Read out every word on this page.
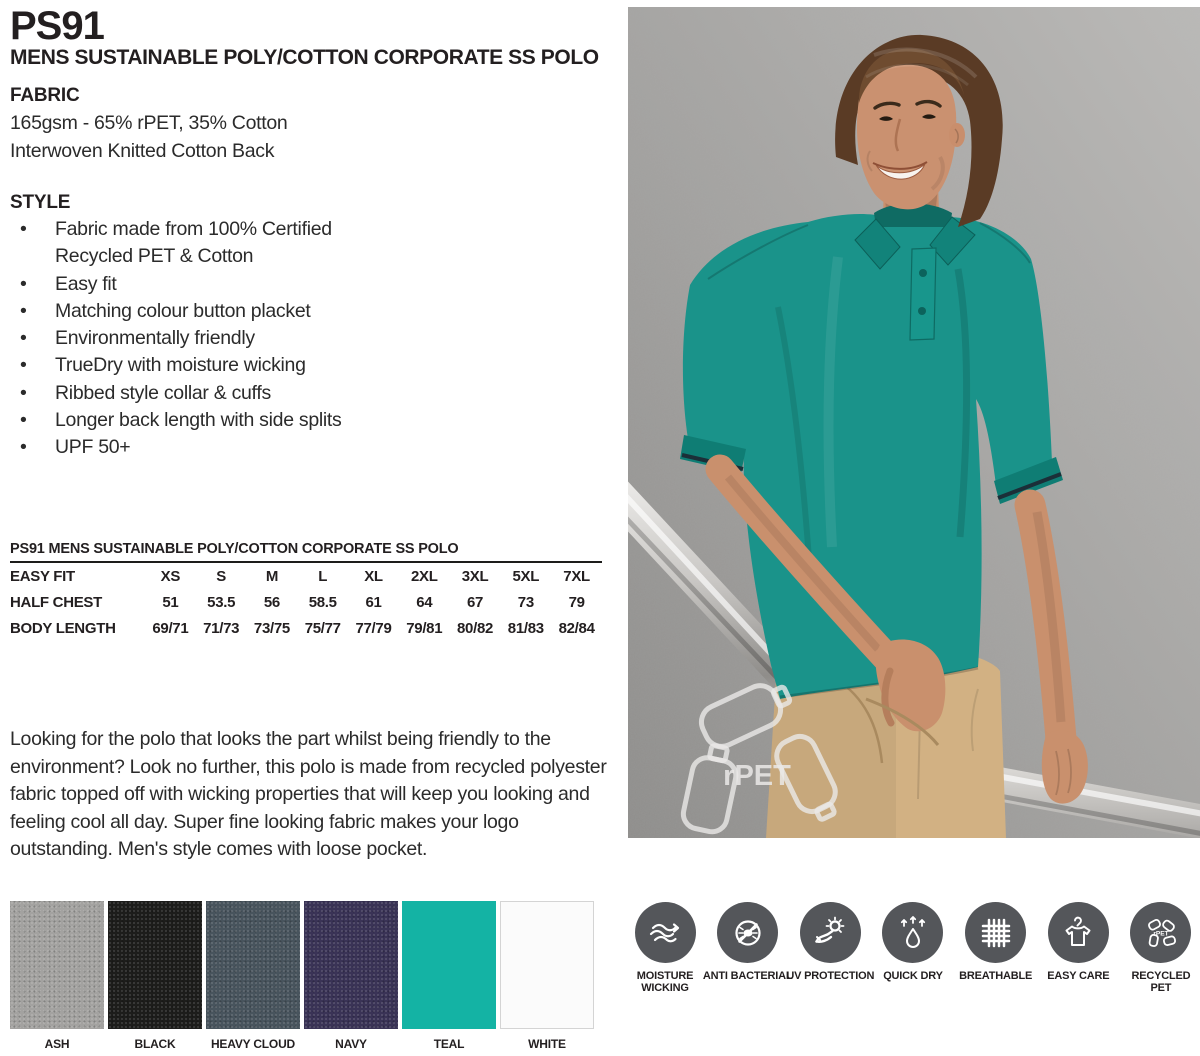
PS91
MENS SUSTAINABLE POLY/COTTON CORPORATE SS POLO
FABRIC
165gsm - 65% rPET, 35% Cotton
Interwoven Knitted Cotton Back
STYLE
• Fabric made from 100% Certified Recycled PET & Cotton
• Easy fit
• Matching colour button placket
• Environmentally friendly
• TrueDry with moisture wicking
• Ribbed style collar & cuffs
• Longer back length with side splits
• UPF 50+
PS91 MENS SUSTAINABLE POLY/COTTON CORPORATE SS POLO
EASY FIT	XS	S	M	L	XL	2XL	3XL	5XL	7XL
HALF CHEST	51	53.5	56	58.5	61	64	67	73	79
BODY LENGTH	69/71 71/73 73/75 75/77 77/79 79/81 80/82 81/83 82/84
Looking for the polo that looks the part whilst being friendly to the environment? Look no further, this polo is made from recycled polyester fabric topped off with wicking properties that will keep you looking and feeling cool all day. Super fine looking fabric makes your logo outstanding. Men's style comes with loose pocket.
ASH	BLACK	HEAVY CLOUD	NAVY	TEAL	WHITE
rPET
MOISTURE WICKING
ANTI BACTERIAL
UV PROTECTION QUICK DRY BREATHABLE EASY CARE
rPET
RECYCLED PET
